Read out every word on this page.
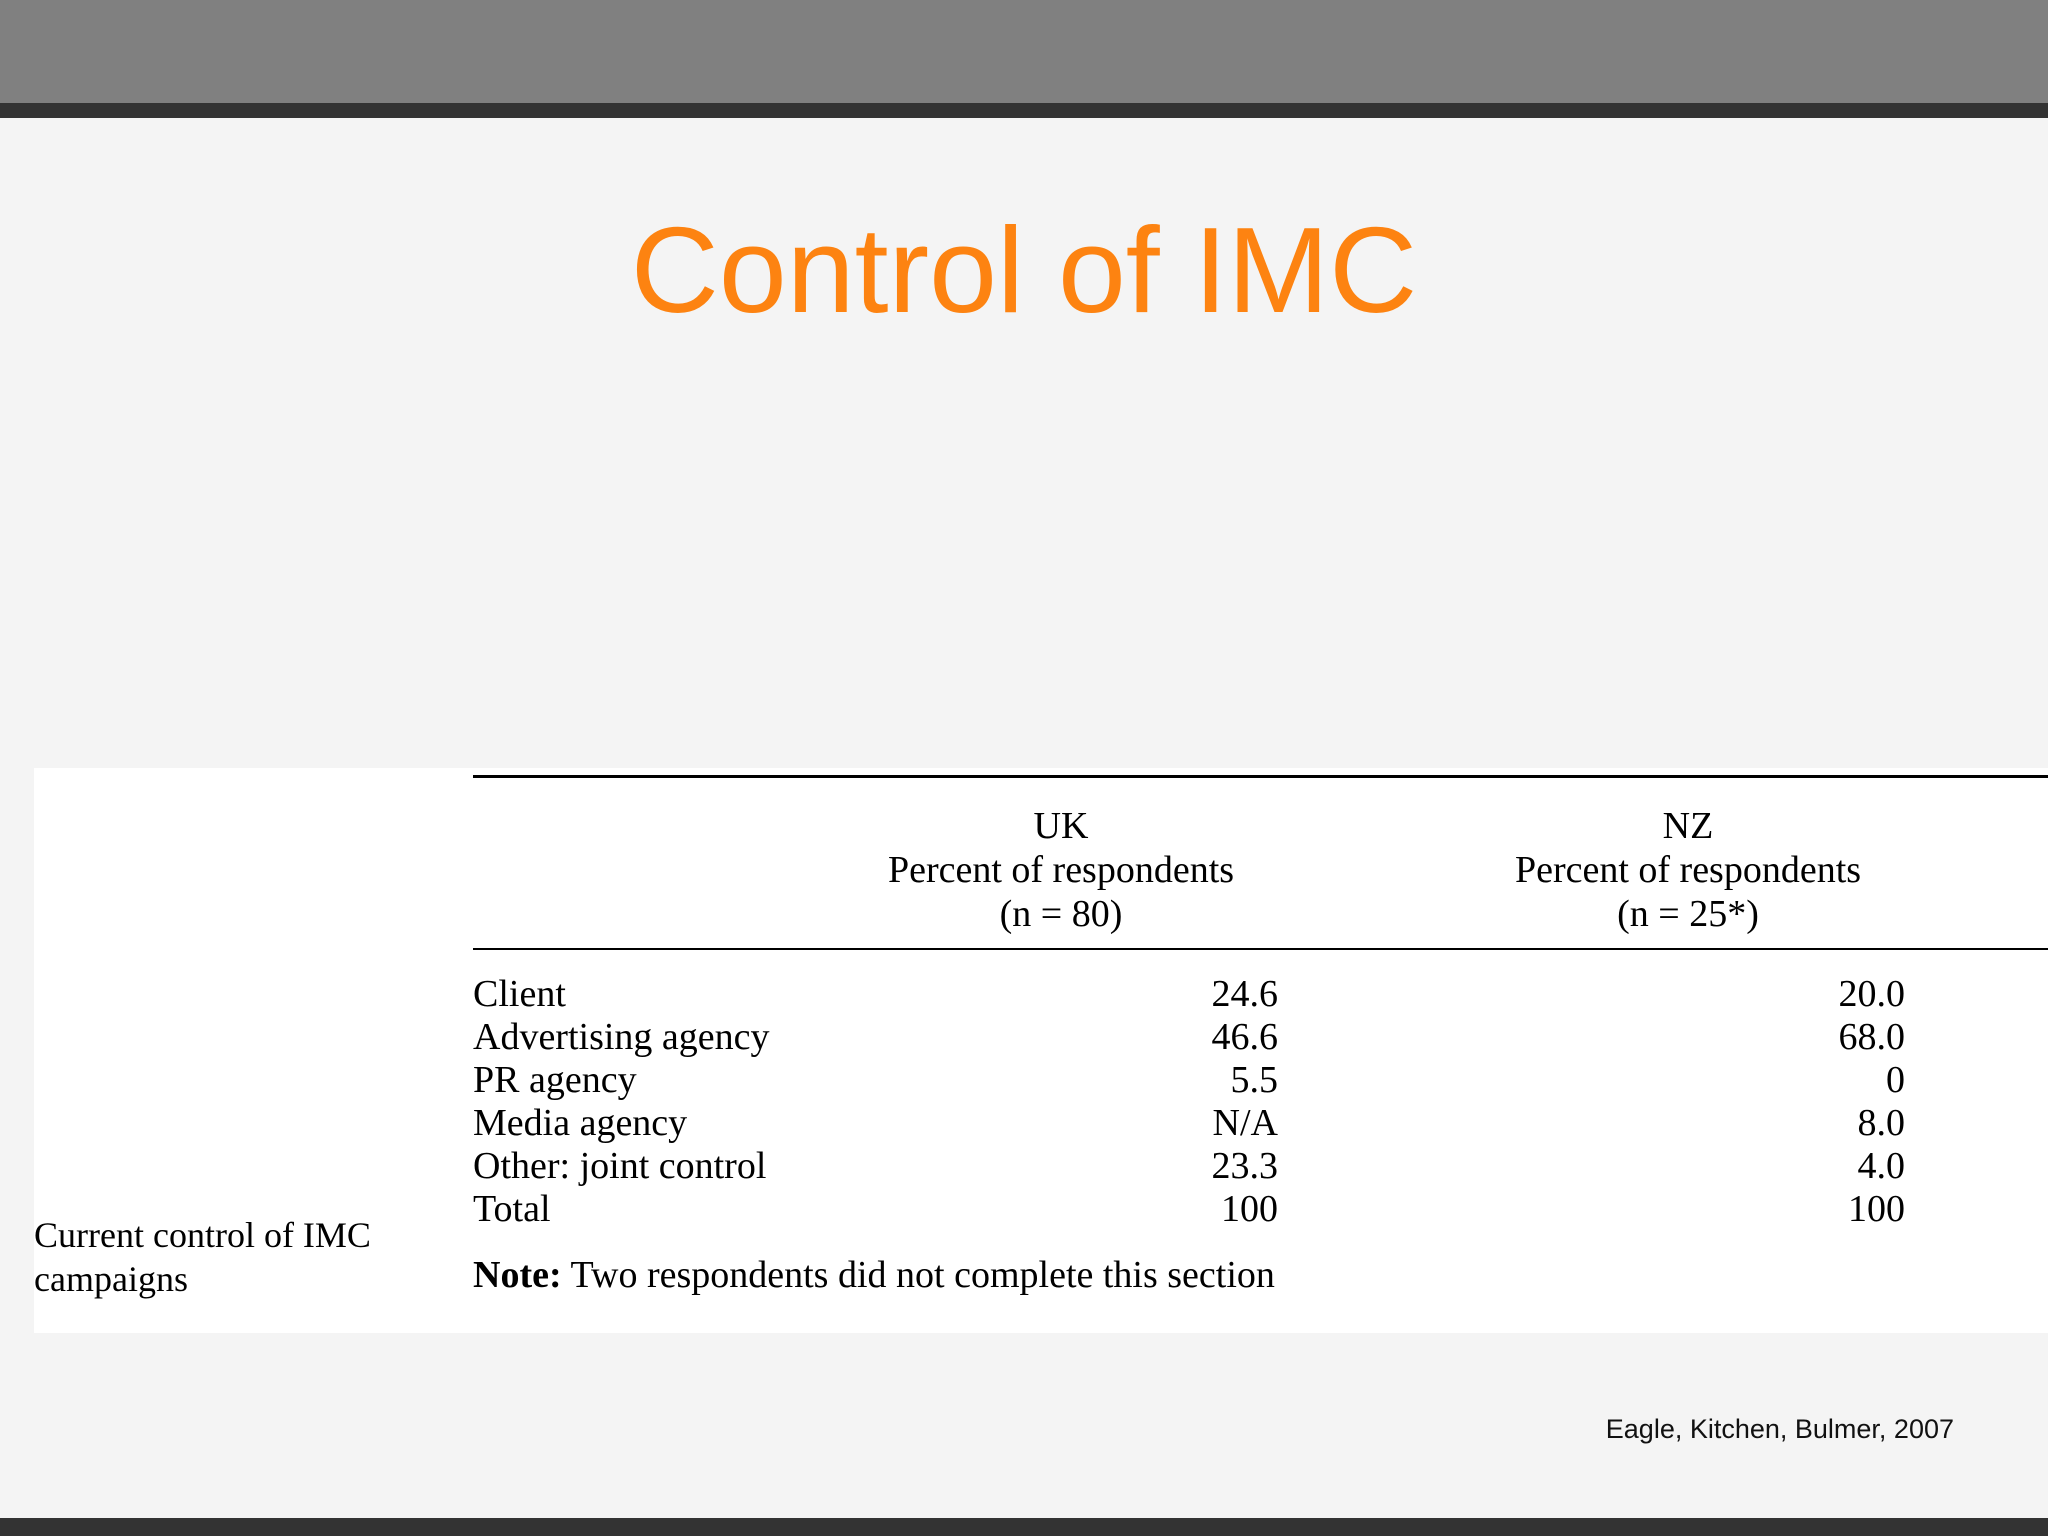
Control of IMC
UK
Percent of respondents
(n = 80)
NZ
Percent of respondents
(n = 25*)
Client	24.6	20.0
Advertising agency	46.6	68.0
PR agency	5.5	0
Media agency	N/A	8.0
Other: joint control	23.3	4.0
Total	100	100
Current control of IMC campaigns	Note: Two respondents did not complete this section
Eagle, Kitchen, Bulmer, 2007
